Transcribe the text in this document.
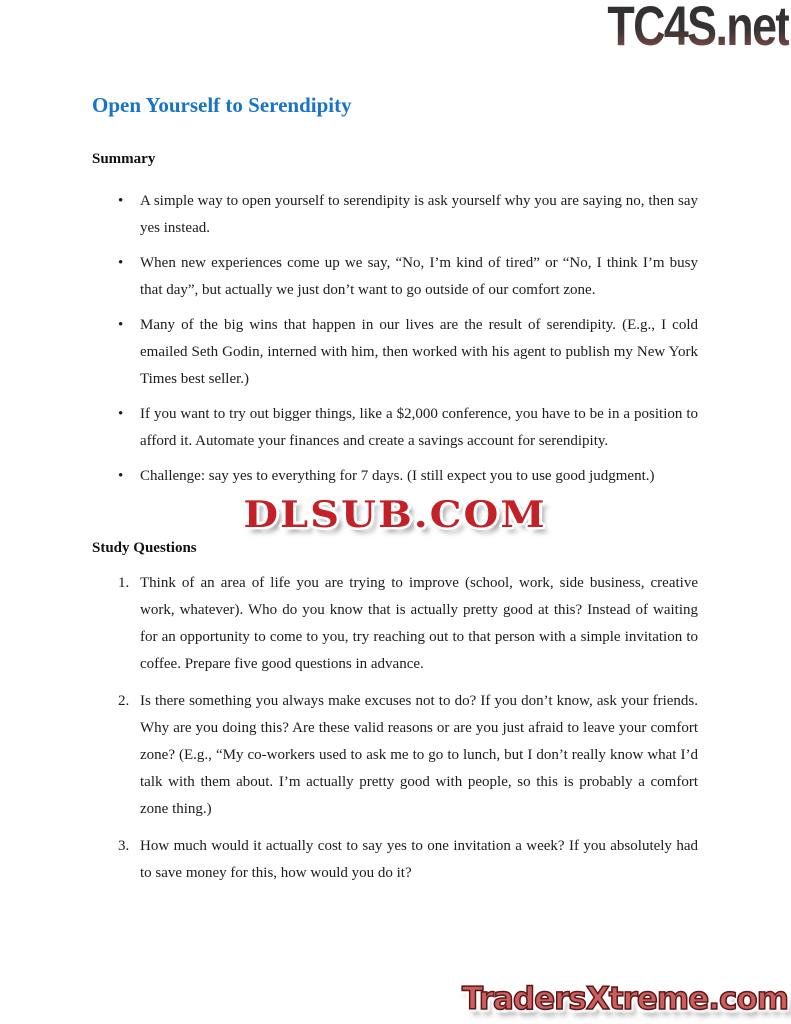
TC4S.net
Open Yourself to Serendipity
Summary
• A simple way to open yourself to serendipity is ask yourself why you are saying no, then say yes instead.
• When new experiences come up we say, “No, I’m kind of tired” or “No, I think I’m busy that day”, but actually we just don’t want to go outside of our comfort zone.
• Many of the big wins that happen in our lives are the result of serendipity. (E.g., I cold emailed Seth Godin, interned with him, then worked with his agent to publish my New York Times best seller.)
• If you want to try out bigger things, like a $2,000 conference, you have to be in a position to afford it. Automate your finances and create a savings account for serendipity.
• Challenge: say yes to everything for 7 days. (I still expect you to use good judgment.)
DLSUB.COM
Study Questions
1. Think of an area of life you are trying to improve (school, work, side business, creative work, whatever). Who do you know that is actually pretty good at this? Instead of waiting for an opportunity to come to you, try reaching out to that person with a simple invitation to coffee. Prepare five good questions in advance.
2. Is there something you always make excuses not to do? If you don’t know, ask your friends. Why are you doing this? Are these valid reasons or are you just afraid to leave your comfort zone? (E.g., “My co-workers used to ask me to go to lunch, but I don’t really know what I’d talk with them about. I’m actually pretty good with people, so this is probably a comfort zone thing.)
3. How much would it actually cost to say yes to one invitation a week? If you absolutely had to save money for this, how would you do it?
TradersXtreme.com
